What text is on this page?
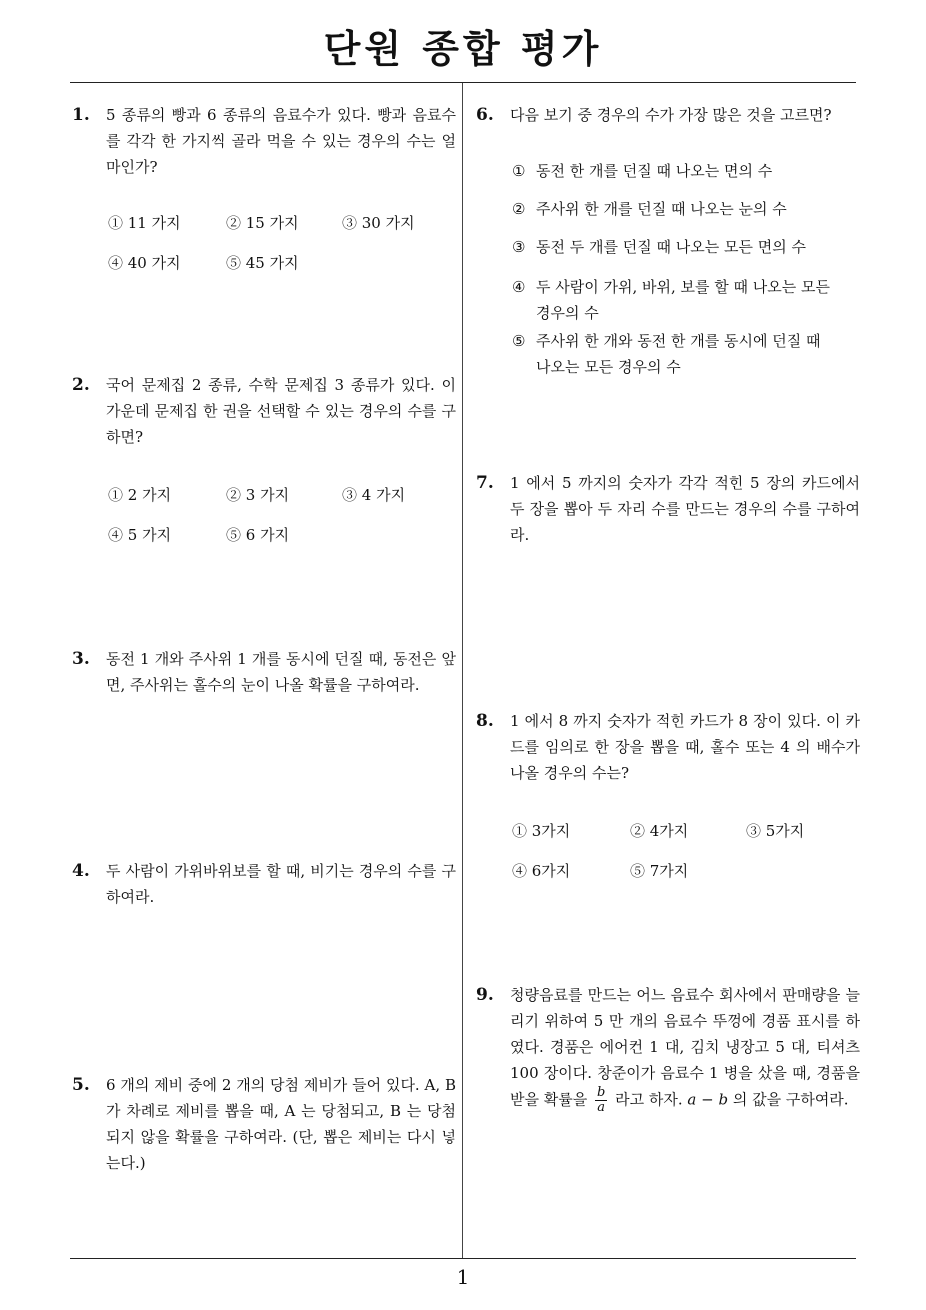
단원 종합 평가
1. 5 종류의 빵과 6 종류의 음료수가 있다. 빵과 음료수를 각각 한 가지씩 골라 먹을 수 있는 경우의 수는 얼마인가?
① 11 가지	② 15 가지	③ 30 가지
④ 40 가지	⑤ 45 가지
2. 국어 문제집 2 종류, 수학 문제집 3 종류가 있다. 이 가운데 문제집 한 권을 선택할 수 있는 경우의 수를 구하면?
① 2 가지	② 3 가지	③ 4 가지
④ 5 가지	⑤ 6 가지
3. 동전 1 개와 주사위 1 개를 동시에 던질 때, 동전은 앞면, 주사위는 홀수의 눈이 나올 확률을 구하여라.
4. 두 사람이 가위바위보를 할 때, 비기는 경우의 수를 구하여라.
5. 6 개의 제비 중에 2 개의 당첨 제비가 들어 있다. A, B 가 차례로 제비를 뽑을 때, A 는 당첨되고, B 는 당첨되지 않을 확률을 구하여라. (단, 뽑은 제비는 다시 넣는다.)
6. 다음 보기 중 경우의 수가 가장 많은 것을 고르면?
① 동전 한 개를 던질 때 나오는 면의 수
② 주사위 한 개를 던질 때 나오는 눈의 수
③ 동전 두 개를 던질 때 나오는 모든 면의 수
④ 두 사람이 가위, 바위, 보를 할 때 나오는 모든
경우의 수
⑤ 주사위 한 개와 동전 한 개를 동시에 던질 때
나오는 모든 경우의 수
7. 1 에서 5 까지의 숫자가 각각 적힌 5 장의 카드에서 두 장을 뽑아 두 자리 수를 만드는 경우의 수를 구하여라.
8. 1 에서 8 까지 숫자가 적힌 카드가 8 장이 있다. 이 카드를 임의로 한 장을 뽑을 때, 홀수 또는 4 의 배수가 나올 경우의 수는?
① 3가지	② 4가지	③ 5가지
④ 6가지	⑤ 7가지
9. 청량음료를 만드는 어느 음료수 회사에서 판매량을 늘리기 위하여 5 만 개의 음료수 뚜껑에 경품 표시를 하였다. 경품은 에어컨 1 대, 김치 냉장고 5 대, 티셔츠 100 장이다. 창준이가 음료수 1 병을 샀을 때, 경품을 받을 확률을 $\frac{b}{a}$ 라고 하자. a − b 의 값을 구하여라.
1
